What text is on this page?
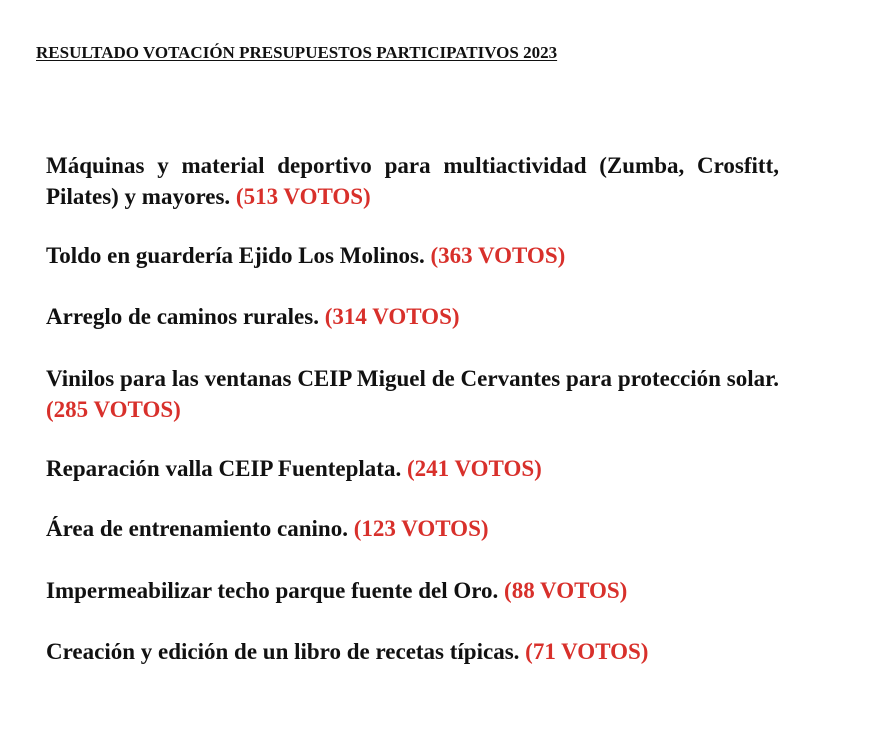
RESULTADO VOTACIÓN PRESUPUESTOS PARTICIPATIVOS 2023

Máquinas y material deportivo para multiactividad (Zumba, Crosfitt, Pilates) y mayores. (513 VOTOS)

Toldo en guardería Ejido Los Molinos. (363 VOTOS)

Arreglo de caminos rurales. (314 VOTOS)

Vinilos para las ventanas CEIP Miguel de Cervantes para protección solar. (285 VOTOS)

Reparación valla CEIP Fuenteplata. (241 VOTOS)

Área de entrenamiento canino. (123 VOTOS)

Impermeabilizar techo parque fuente del Oro. (88 VOTOS)

Creación y edición de un libro de recetas típicas. (71 VOTOS)
